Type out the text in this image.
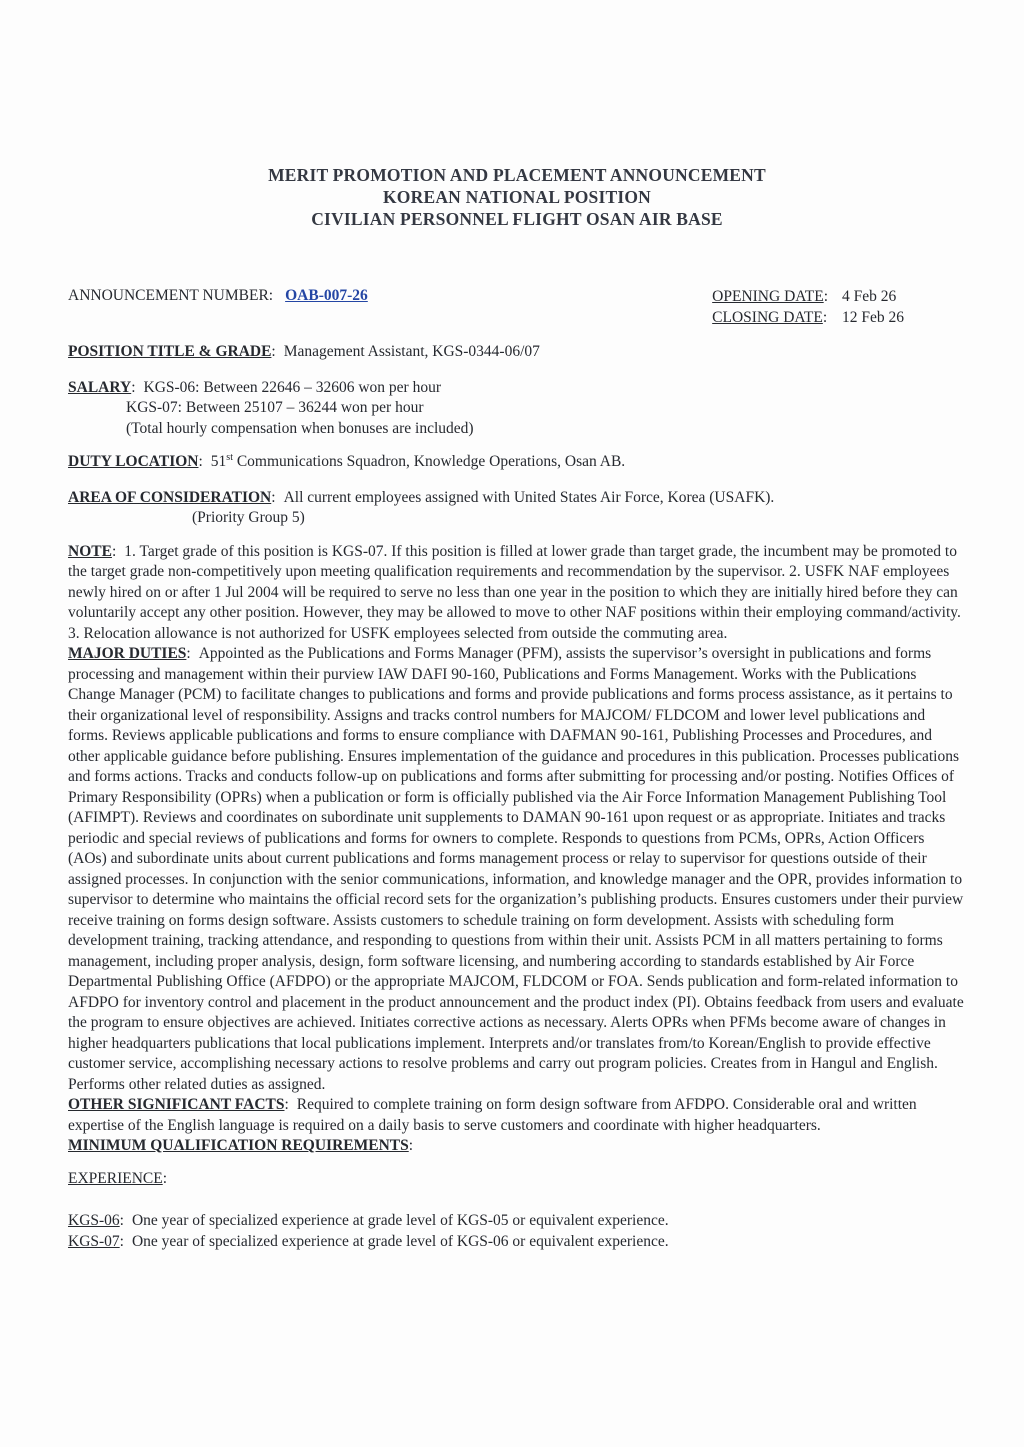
MERIT PROMOTION AND PLACEMENT ANNOUNCEMENT
KOREAN NATIONAL POSITION
CIVILIAN PERSONNEL FLIGHT OSAN AIR BASE
ANNOUNCEMENT NUMBER: OAB-007-26	OPENING DATE: 4 Feb 26
CLOSING DATE: 12 Feb 26
POSITION TITLE & GRADE: Management Assistant, KGS-0344-06/07
SALARY: KGS-06: Between 22646 – 32606 won per hour
KGS-07: Between 25107 – 36244 won per hour
(Total hourly compensation when bonuses are included)
DUTY LOCATION: 51st Communications Squadron, Knowledge Operations, Osan AB.
AREA OF CONSIDERATION: All current employees assigned with United States Air Force, Korea (USAFK).
(Priority Group 5)

NOTE: 1. Target grade of this position is KGS-07. If this position is filled at lower grade than target grade, the incumbent may be promoted to the target grade non-competitively upon meeting qualification requirements and recommendation by the supervisor. 2. USFK NAF employees newly hired on or after 1 Jul 2004 will be required to serve no less than one year in the position to which they are initially hired before they can voluntarily accept any other position. However, they may be allowed to move to other NAF positions within their employing command/activity. 3. Relocation allowance is not authorized for USFK employees selected from outside the commuting area.

MAJOR DUTIES: Appointed as the Publications and Forms Manager (PFM), assists the supervisor’s oversight in publications and forms processing and management within their purview IAW DAFI 90-160, Publications and Forms Management. Works with the Publications Change Manager (PCM) to facilitate changes to publications and forms and provide publications and forms process assistance, as it pertains to their organizational level of responsibility. Assigns and tracks control numbers for MAJCOM/ FLDCOM and lower level publications and forms. Reviews applicable publications and forms to ensure compliance with DAFMAN 90-161, Publishing Processes and Procedures, and other applicable guidance before publishing. Ensures implementation of the guidance and procedures in this publication. Processes publications and forms actions. Tracks and conducts follow-up on publications and forms after submitting for processing and/or posting. Notifies Offices of Primary Responsibility (OPRs) when a publication or form is officially published via the Air Force Information Management Publishing Tool (AFIMPT). Reviews and coordinates on subordinate unit supplements to DAMAN 90-161 upon request or as appropriate. Initiates and tracks periodic and special reviews of publications and forms for owners to complete. Responds to questions from PCMs, OPRs, Action Officers (AOs) and subordinate units about current publications and forms management process or relay to supervisor for questions outside of their assigned processes. In conjunction with the senior communications, information, and knowledge manager and the OPR, provides information to supervisor to determine who maintains the official record sets for the organization’s publishing products. Ensures customers under their purview receive training on forms design software. Assists customers to schedule training on form development. Assists with scheduling form development training, tracking attendance, and responding to questions from within their unit. Assists PCM in all matters pertaining to forms management, including proper analysis, design, form software licensing, and numbering according to standards established by Air Force Departmental Publishing Office (AFDPO) or the appropriate MAJCOM, FLDCOM or FOA. Sends publication and form-related information to AFDPO for inventory control and placement in the product announcement and the product index (PI). Obtains feedback from users and evaluate the program to ensure objectives are achieved. Initiates corrective actions as necessary. Alerts OPRs when PFMs become aware of changes in higher headquarters publications that local publications implement. Interprets and/or translates from/to Korean/English to provide effective customer service, accomplishing necessary actions to resolve problems and carry out program policies. Creates from in Hangul and English. Performs other related duties as assigned.

OTHER SIGNIFICANT FACTS: Required to complete training on form design software from AFDPO. Considerable oral and written expertise of the English language is required on a daily basis to serve customers and coordinate with higher headquarters.

MINIMUM QUALIFICATION REQUIREMENTS:
EXPERIENCE:
KGS-06: One year of specialized experience at grade level of KGS-05 or equivalent experience.
KGS-07: One year of specialized experience at grade level of KGS-06 or equivalent experience.
